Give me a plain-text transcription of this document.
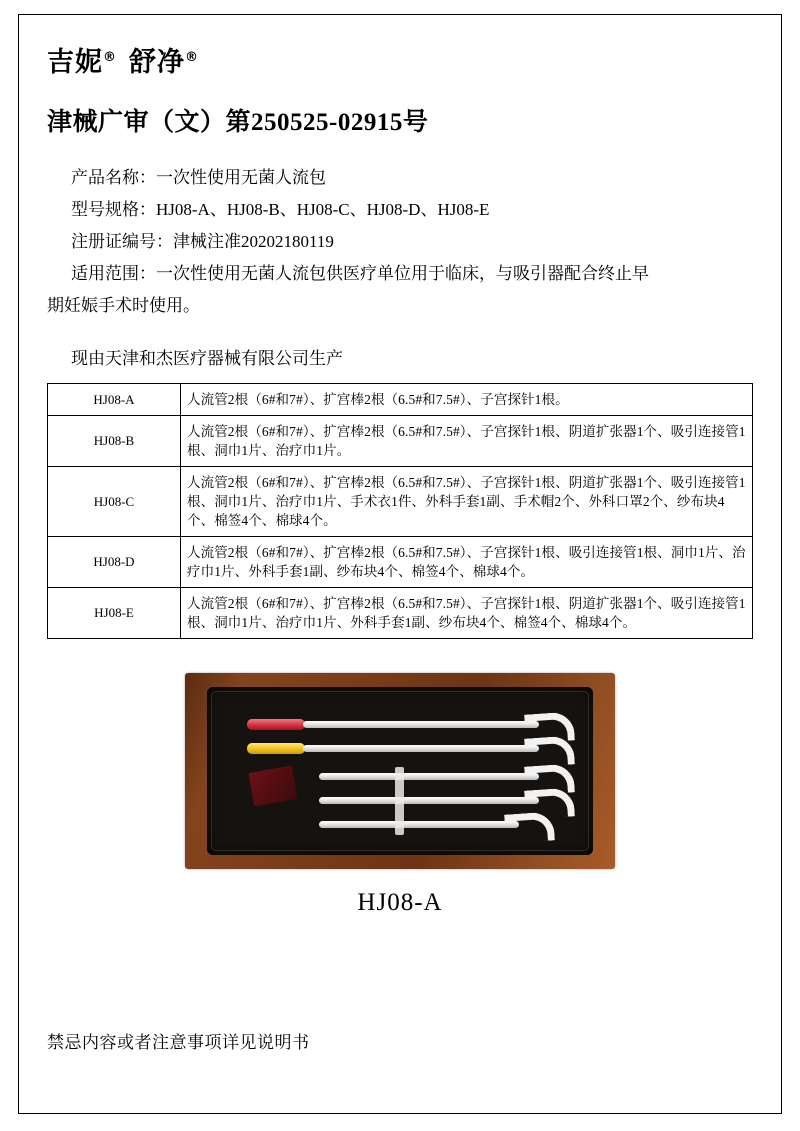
吉妮® 舒净®
津械广审（文）第250525-02915号
产品名称：一次性使用无菌人流包
型号规格：HJ08-A、HJ08-B、HJ08-C、HJ08-D、HJ08-E
注册证编号：津械注准20202180119
适用范围：一次性使用无菌人流包供医疗单位用于临床，与吸引器配合终止早
期妊娠手术时使用。
现由天津和杰医疗器械有限公司生产
HJ08-A	人流管2根（6#和7#）、扩宫棒2根（6.5#和7.5#）、子宫探针1根。
HJ08-B	人流管2根（6#和7#）、扩宫棒2根（6.5#和7.5#）、子宫探针1根、阴道扩张器1个、吸引连接管1根、洞巾1片、治疗巾1片。
HJ08-C	人流管2根（6#和7#）、扩宫棒2根（6.5#和7.5#）、子宫探针1根、阴道扩张器1个、吸引连接管1根、洞巾1片、治疗巾1片、手术衣1件、外科手套1副、手术帽2个、外科口罩2个、纱布块4个、棉签4个、棉球4个。
HJ08-D	人流管2根（6#和7#）、扩宫棒2根（6.5#和7.5#）、子宫探针1根、吸引连接管1根、洞巾1片、治疗巾1片、外科手套1副、纱布块4个、棉签4个、棉球4个。
HJ08-E	人流管2根（6#和7#）、扩宫棒2根（6.5#和7.5#）、子宫探针1根、阴道扩张器1个、吸引连接管1根、洞巾1片、治疗巾1片、外科手套1副、纱布块4个、棉签4个、棉球4个。
HJ08-A
禁忌内容或者注意事项详见说明书
